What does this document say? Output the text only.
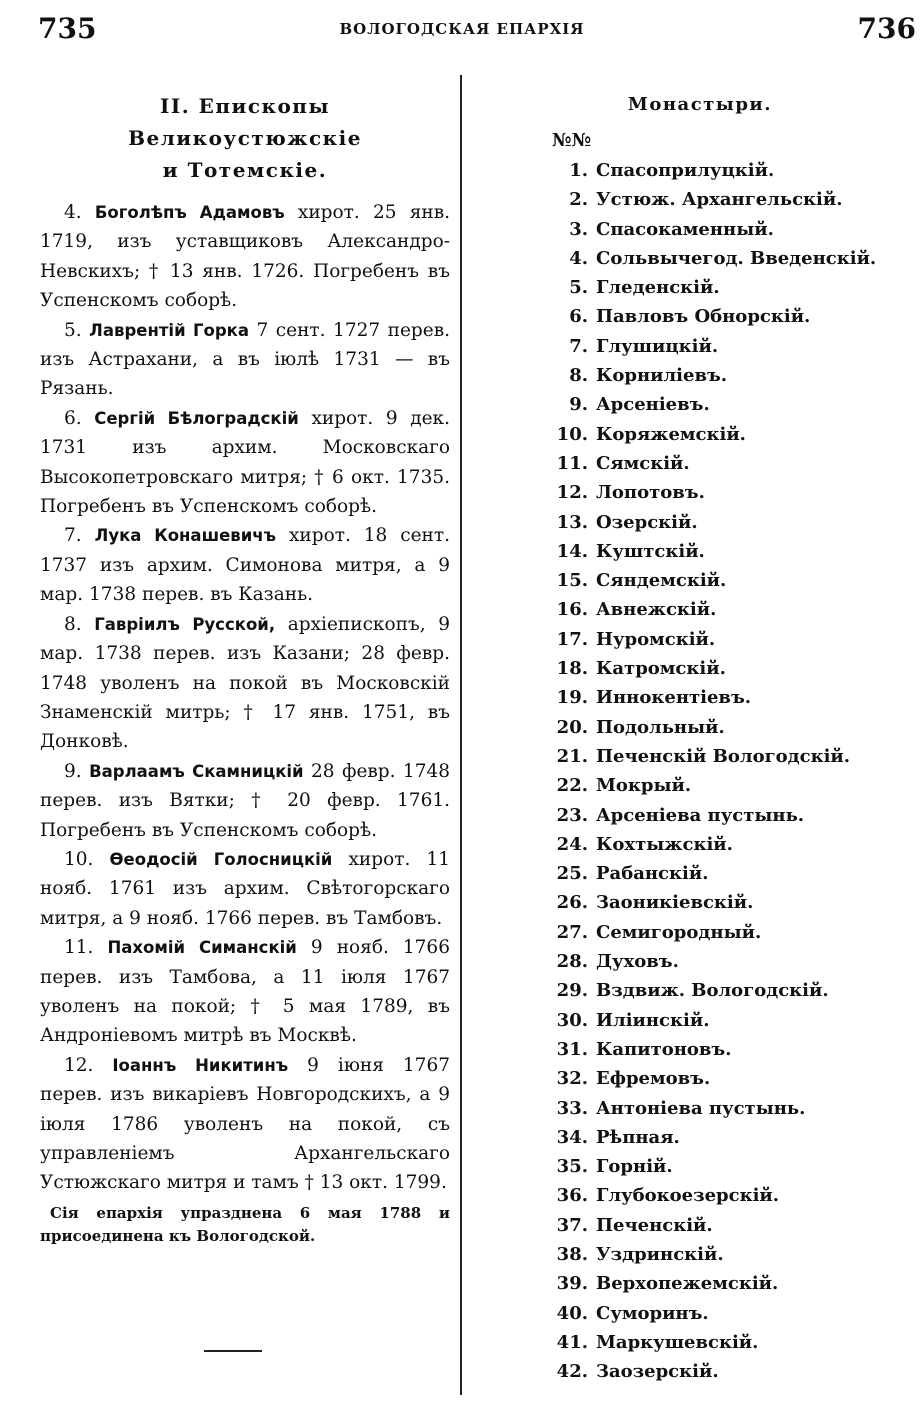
735	ВОЛОГОДСКАЯ ЕПАРХІЯ	736
II. Епископы Великоустюжскіе
и Тотемскіе.

4. Боголѣпъ Адамовъ хирот. 25 янв. 1719, изъ уставщиковъ Александро-Невскихъ; † 13 янв. 1726. Погребенъ въ Успенскомъ соборѣ.

5. Лаврентій Горка 7 сент. 1727 перев. изъ Астрахани, а въ іюлѣ 1731 — въ Рязань.

6. Сергій Бѣлоградскій хирот. 9 дек. 1731 изъ архим. Московскаго Высокопетровскаго митря; † 6 окт. 1735. Погребенъ въ Успенскомъ соборѣ.

7. Лука Конашевичъ хирот. 18 сент. 1737 изъ архим. Симонова митря, а 9 мар. 1738 перев. въ Казань.

8. Гавріилъ Русской, архіепископъ, 9 мар. 1738 перев. изъ Казани; 28 февр. 1748 уволенъ на покой въ Московскій Знаменскій митрь; † 17 янв. 1751, въ Донковѣ.

9. Варлаамъ Скамницкій 28 февр. 1748 перев. изъ Вятки; † 20 февр. 1761. Погребенъ въ Успенскомъ соборѣ.

10. Ѳеодосій Голосницкій хирот. 11 нояб. 1761 изъ архим. Свѣтогорскаго митря, а 9 нояб. 1766 перев. въ Тамбовъ.

11. Пахомій Симанскій 9 нояб. 1766 перев. изъ Тамбова, а 11 іюля 1767 уволенъ на покой; † 5 мая 1789, въ Андроніевомъ митрѣ въ Москвѣ.

12. Іоаннъ Никитинъ 9 іюня 1767 перев. изъ викаріевъ Новгородскихъ, а 9 іюля 1786 уволенъ на покой, съ управленіемъ Архангельскаго Устюжскаго митря и тамъ † 13 окт. 1799.

Сія епархія упразднена 6 мая 1788 и присоединена къ Вологодской.
Монастыри.
№№
1. Спасоприлуцкій.
2. Устюж. Архангельскій.
3. Спасокаменный.
4. Сольвычегод. Введенскій.
5. Гледенскій.
6. Павловъ Обнорскій.
7. Глушицкій.
8. Корниліевъ.
9. Арсеніевъ.
10. Коряжемскій.
11. Сямскій.
12. Лопотовъ.
13. Озерскій.
14. Куштскій.
15. Сяндемскій.
16. Авнежскій.
17. Нуромскій.
18. Катромскій.
19. Иннокентіевъ.
20. Подольный.
21. Печенскій Вологодскій.
22. Мокрый.
23. Арсеніева пустынь.
24. Кохтыжскій.
25. Рабанскій.
26. Заоникіевскій.
27. Семигородный.
28. Духовъ.
29. Вздвиж. Вологодскій.
30. Иліинскій.
31. Капитоновъ.
32. Ефремовъ.
33. Антоніева пустынь.
34. Рѣпная.
35. Горній.
36. Глубокоезерскій.
37. Печенскій.
38. Уздринскій.
39. Верхопежемскій.
40. Суморинъ.
41. Маркушевскій.
42. Заозерскій.
